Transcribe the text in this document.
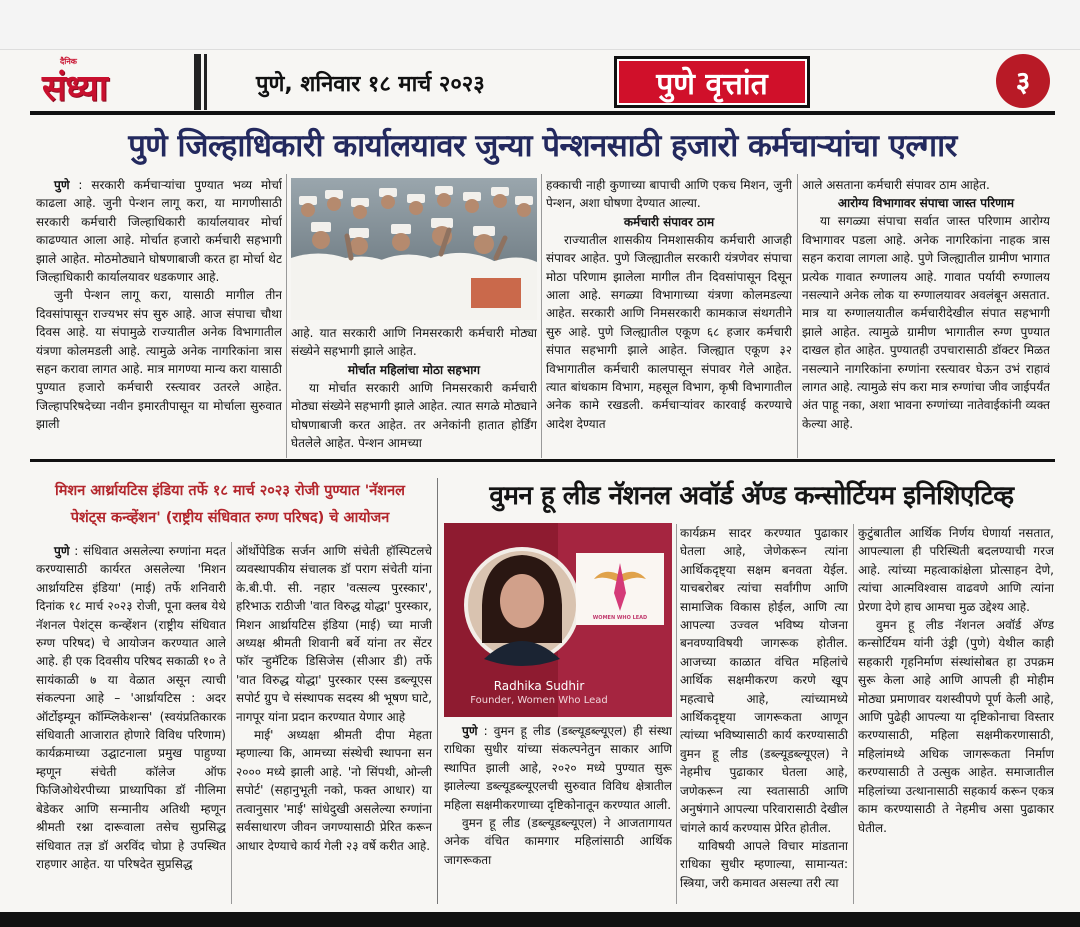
दैनिक
संध्या	पुणे, शनिवार १८ मार्च २०२३	पुणे वृत्तांत	३
पुणे जिल्हाधिकारी कार्यालयावर जुन्या पेन्शनसाठी हजारो कर्मचाऱ्यांचा एल्गार

पुणे : सरकारी कर्मचाऱ्यांचा पुण्यात भव्य मोर्चा काढला आहे. जुनी पेन्शन लागू करा, या मागणीसाठी सरकारी कर्मचारी जिल्हाधिकारी कार्यालयावर मोर्चा काढण्यात आला आहे. मोर्चात हजारो कर्मचारी सहभागी झाले आहेत. मोठमोठ्याने घोषणाबाजी करत हा मोर्चा थेट जिल्हाधिकारी कार्यालयावर धडकणार आहे.

जुनी पेन्शन लागू करा, यासाठी मागील तीन दिवसांपासून राज्यभर संप सुरु आहे. आज संपाचा चौथा दिवस आहे. या संपामुळे राज्यातील अनेक विभागातील यंत्रणा कोलमडली आहे. त्यामुळे अनेक नागरिकांना त्रास सहन करावा लागत आहे. मात्र मागण्या मान्य करा यासाठी पुण्यात हजारो कर्मचारी रस्त्यावर उतरले आहेत. जिल्हापरिषदेच्या नवीन इमारतीपासून या मोर्चाला सुरुवात झाली

आहे. यात सरकारी आणि निमसरकारी कर्मचारी मोठ्या संख्येने सहभागी झाले आहेत.

मोर्चात महिलांचा मोठा सहभाग

या मोर्चात सरकारी आणि निमसरकारी कर्मचारी मोठ्या संख्येने सहभागी झाले आहेत. त्यात सगळे मोठ्याने घोषणाबाजी करत आहेत. तर अनेकांनी हातात होर्डिंग घेतलेले आहेत. पेन्शन आमच्या

हक्काची नाही कुणाच्या बापाची आणि एकच मिशन, जुनी पेन्शन, अशा घोषणा देण्यात आल्या.

कर्मचारी संपावर ठाम

राज्यातील शासकीय निमशासकीय कर्मचारी आजही संपावर आहेत. पुणे जिल्ह्यातील सरकारी यंत्रणेवर संपाचा मोठा परिणाम झालेला मागील तीन दिवसांपासून दिसून आला आहे. सगळ्या विभागाच्या यंत्रणा कोलमडल्या आहेत. सरकारी आणि निमसरकारी कामकाज संथगतीने सुरु आहे. पुणे जिल्ह्यातील एकूण ६८ हजार कर्मचारी संपात सहभागी झाले आहेत. जिल्ह्यात एकूण ३२ विभागातील कर्मचारी कालपासून संपावर गेले आहेत. त्यात बांधकाम विभाग, महसूल विभाग, कृषी विभागातील अनेक कामे रखडली. कर्मचाऱ्यांवर कारवाई करण्याचे आदेश देण्यात

आले असताना कर्मचारी संपावर ठाम आहेत.

आरोग्य विभागावर संपाचा जास्त परिणाम

या सगळ्या संपाचा सर्वात जास्त परिणाम आरोग्य विभागावर पडला आहे. अनेक नागरिकांना नाहक त्रास सहन करावा लागला आहे. पुणे जिल्ह्यातील ग्रामीण भागात प्रत्येक गावात रुग्णालय आहे. गावात पर्यायी रुग्णालय नसल्याने अनेक लोक या रुग्णालयावर अवलंबून असतात. मात्र या रुग्णालयातील कर्मचारीदेखील संपात सहभागी झाले आहेत. त्यामुळे ग्रामीण भागातील रुग्ण पुण्यात दाखल होत आहेत. पुण्यातही उपचारासाठी डॉक्टर मिळत नसल्याने नागरिकांना रुग्णांना रस्त्यावर घेऊन उभं राहावं लागत आहे. त्यामुळे संप करा मात्र रुग्णांचा जीव जाईपर्यंत अंत पाहू नका, अशा भावना रुग्णांच्या नातेवाईकांनी व्यक्त केल्या आहे.

मिशन आर्थ्रायटिस इंडिया तर्फे १८ मार्च २०२३ रोजी पुण्यात 'नॅशनल
पेशंट्स कन्व्हेंशन' (राष्ट्रीय संधिवात रुग्ण परिषद) चे आयोजन

पुणे : संधिवात असलेल्या रुग्णांना मदत करण्यासाठी कार्यरत असलेल्या 'मिशन आर्थ्रायटिस इंडिया' (माई) तर्फे शनिवारी दिनांक १८ मार्च २०२३ रोजी, पूना क्लब येथे नॅशनल पेशंट्स कन्व्हेंशन (राष्ट्रीय संधिवात रुग्ण परिषद) चे आयोजन करण्यात आले आहे. ही एक दिवसीय परिषद सकाळी १० ते सायंकाळी ७ या वेळात असून त्याची संकल्पना आहे – 'आर्थ्रायटिस : अदर ऑर्टोइम्यून कॉम्प्लिकेशन्स' (स्वयंप्रतिकारक संधिवाती आजारात होणारे विविध परिणाम) कार्यक्रमाच्या उद्घाटनाला प्रमुख पाहुण्या म्हणून संचेती कॉलेज ऑफ फिजिओथेरपीच्या प्राध्यापिका डॉ नीलिमा बेडेकर आणि सन्मानीय अतिथी म्हणून श्रीमती रश्ना दारूवाला तसेच सुप्रसिद्ध संधिवात तज्ञ डॉ अरविंद चोप्रा हे उपस्थित राहणार आहेत. या परिषदेत सुप्रसिद्ध

ऑर्थोपेडिक सर्जन आणि संचेती हॉस्पिटलचे व्यवस्थापकीय संचालक डॉ पराग संचेती यांना के.बी.पी. सी. नहार 'वत्सल्य पुरस्कार', हरिभाऊ राठीजी 'वात विरुद्ध योद्धा' पुरस्कार, मिशन आर्थ्रायटिस इंडिया (माई) च्या माजी अध्यक्ष श्रीमती शिवानी बर्वे यांना तर सेंटर फॉर ऱ्हुमॅटिक डिसिजेस (सीआर डी) तर्फे 'वात विरुद्ध योद्धा' पुरस्कार एस्स डब्ल्यूएस सपोर्ट ग्रुप चे संस्थापक सदस्य श्री भूषण घाटे, नागपूर यांना प्रदान करण्यात येणार आहे

माई' अध्यक्षा श्रीमती दीपा मेहता म्हणाल्या कि, आमच्या संस्थेची स्थापना सन २००० मध्ये झाली आहे. 'नो सिंपथी, ओन्ली सपोर्ट' (सहानुभूती नको, फक्त आधार) या तत्वानुसार 'माई' सांधेदुखी असलेल्या रुग्णांना सर्वसाधारण जीवन जगण्यासाठी प्रेरित करून आधार देण्याचे कार्य गेली २३ वर्षे करीत आहे.

वुमन हू लीड नॅशनल अवॉर्ड अ‍ॅण्ड कन्सोर्टियम इनिशिएटिव्ह
WOMEN WHO LEAD
Radhika Sudhir
Founder, Women Who Lead

पुणे : वुमन हू लीड (डब्ल्यूडब्ल्यूएल) ही संस्था राधिका सुधीर यांच्या संकल्पनेतुन साकार आणि स्थापित झाली आहे, २०२० मध्ये पुण्यात सुरू झालेल्या डब्ल्यूडब्ल्यूएलची सुरुवात विविध क्षेत्रातील महिला सक्षमीकरणाच्या दृष्टिकोनातून करण्यात आली.

वुमन हू लीड (डब्ल्यूडब्ल्यूएल) ने आजतागायत अनेक वंचित कामगार महिलांसाठी आर्थिक जागरूकता

कार्यक्रम सादर करण्यात पुढाकार घेतला आहे, जेणेकरून त्यांना आर्थिकदृष्ट्या सक्षम बनवता येईल. याचबरोबर त्यांचा सर्वांगीण आणि सामाजिक विकास होईल, आणि त्या आपल्या उज्वल भविष्य योजना बनवण्याविषयी जागरूक होतील. आजच्या काळात वंचित महिलांचे आर्थिक सक्षमीकरण करणे खूप महत्वाचे आहे, त्यांच्यामध्ये आर्थिकदृष्ट्या जागरूकता आणून त्यांच्या भविष्यासाठी कार्य करण्यासाठी वुमन हू लीड (डब्ल्यूडब्ल्यूएल) ने नेहमीच पुढाकार घेतला आहे, जणेकरून त्या स्वतासाठी आणि अनुषंगाने आपल्या परिवारासाठी देखील चांगले कार्य करण्यास प्रेरित होतील.

याविषयी आपले विचार मांडताना राधिका सुधीर म्हणाल्या, सामान्यत: स्त्रिया, जरी कमावत असल्या तरी त्या

कुटुंबातील आर्थिक निर्णय घेणार्या नसतात, आपल्याला ही परिस्थिती बदलण्याची गरज आहे. त्यांच्या महत्वाकांक्षेला प्रोत्साहन देणे, त्यांचा आत्मविश्वास वाढवणे आणि त्यांना प्रेरणा देणे हाच आमचा मुळ उद्देश्य आहे.

वुमन हू लीड नॅशनल अवॉर्ड अ‍ॅण्ड कन्सोर्टियम यांनी उंड्री (पुणे) येथील काही सहकारी गृहनिर्माण संस्थांसोबत हा उपक्रम सुरू केला आहे आणि आपली ही मोहीम मोठ्या प्रमाणावर यशस्वीपणे पूर्ण केली आहे, आणि पुढेही आपल्या या दृष्टिकोनाचा विस्तार करण्यासाठी, महिला सक्षमीकरणासाठी, महिलांमध्ये अधिक जागरूकता निर्माण करण्यासाठी ते उत्सुक आहेत. समाजातील महिलांच्या उत्थानासाठी सहकार्य करून एकत्र काम करण्यासाठी ते नेहमीच असा पुढाकार घेतील.
